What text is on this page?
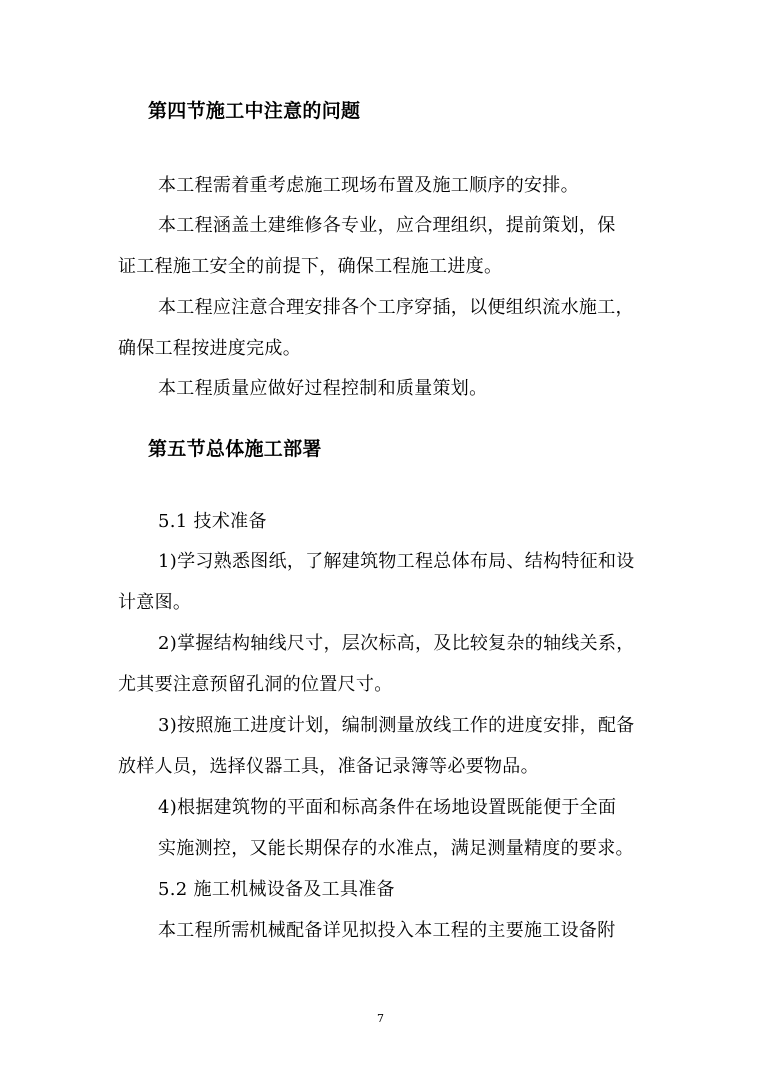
第四节施工中注意的问题
本工程需着重考虑施工现场布置及施工顺序的安排。
本工程涵盖土建维修各专业，应合理组织，提前策划，保
证工程施工安全的前提下，确保工程施工进度。
本工程应注意合理安排各个工序穿插，以便组织流水施工，
确保工程按进度完成。
本工程质量应做好过程控制和质量策划。
第五节总体施工部署
5.1 技术准备
1)学习熟悉图纸，了解建筑物工程总体布局、结构特征和设
计意图。
2)掌握结构轴线尺寸，层次标高，及比较复杂的轴线关系，
尤其要注意预留孔洞的位置尺寸。
3)按照施工进度计划，编制测量放线工作的进度安排，配备
放样人员，选择仪器工具，准备记录簿等必要物品。
4)根据建筑物的平面和标高条件在场地设置既能便于全面
实施测控，又能长期保存的水准点，满足测量精度的要求。
5.2 施工机械设备及工具准备
本工程所需机械配备详见拟投入本工程的主要施工设备附
7
